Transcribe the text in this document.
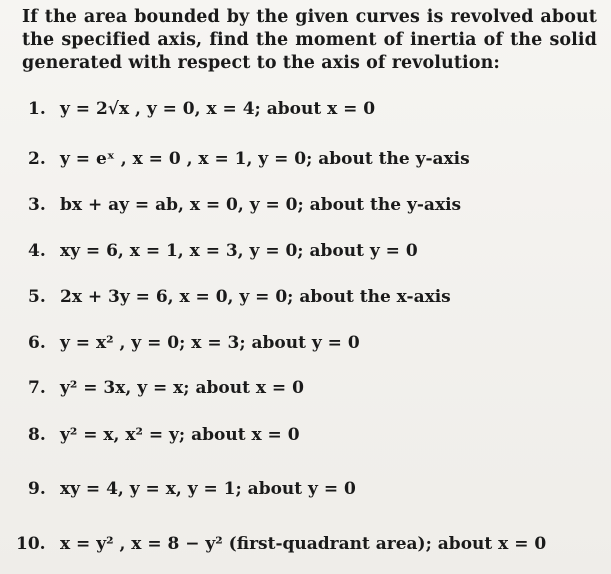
If the area bounded by the given curves is revolved about the specified axis, find the moment of inertia of the solid generated with respect to the axis of revolution:

1. y = 2√x , y = 0, x = 4; about x = 0
2. y = eˣ , x = 0 , x = 1, y = 0; about the y-axis
3. bx + ay = ab, x = 0, y = 0; about the y-axis
4. xy = 6, x = 1, x = 3, y = 0; about y = 0
5. 2x + 3y = 6, x = 0, y = 0; about the x-axis
6. y = x² , y = 0; x = 3; about y = 0
7. y² = 3x, y = x; about x = 0
8. y² = x, x² = y; about x = 0
9. xy = 4, y = x, y = 1; about y = 0
10. x = y² , x = 8 − y² (first-quadrant area); about x = 0
